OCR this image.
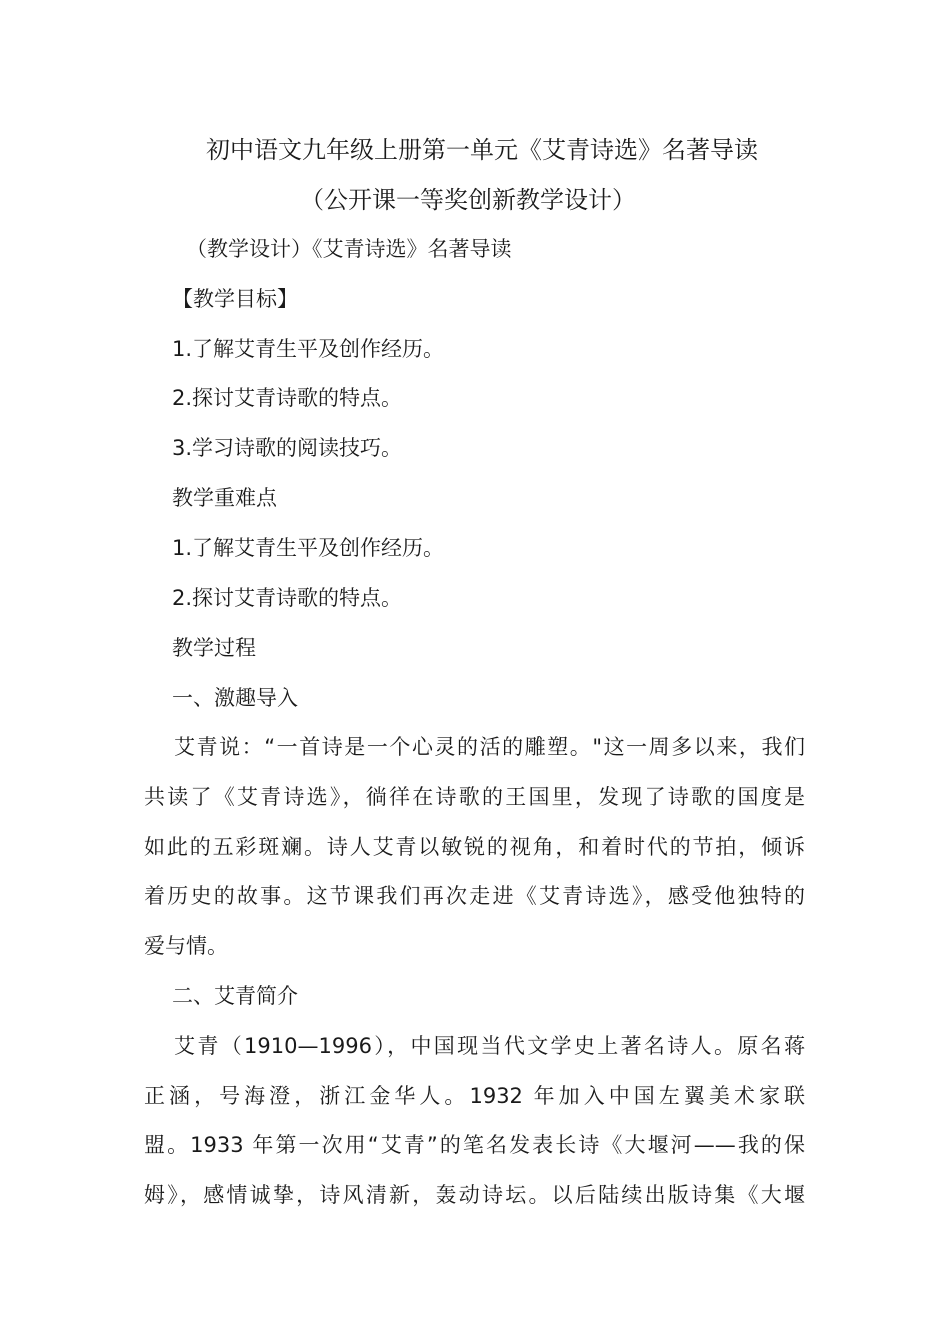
初中语文九年级上册第一单元《艾青诗选》名著导读
（公开课一等奖创新教学设计）
（教学设计）《艾青诗选》名著导读
【教学目标】
1.了解艾青生平及创作经历。
2.探讨艾青诗歌的特点。
3.学习诗歌的阅读技巧。
教学重难点
1.了解艾青生平及创作经历。
2.探讨艾青诗歌的特点。
教学过程
一、激趣导入
艾青说：“一首诗是一个心灵的活的雕塑。"这一周多以来，我们
共读了《艾青诗选》，徜徉在诗歌的王国里，发现了诗歌的国度是
如此的五彩斑斓。诗人艾青以敏锐的视角，和着时代的节拍，倾诉
着历史的故事。这节课我们再次走进《艾青诗选》，感受他独特的
爱与情。
二、艾青简介
艾青（1910—1996），中国现当代文学史上著名诗人。原名蒋
正涵，号海澄，浙江金华人。1932 年加入中国左翼美术家联
盟。1933 年第一次用“艾青”的笔名发表长诗《大堰河——我的保
姆》，感情诚挚，诗风清新，轰动诗坛。以后陆续出版诗集《大堰
